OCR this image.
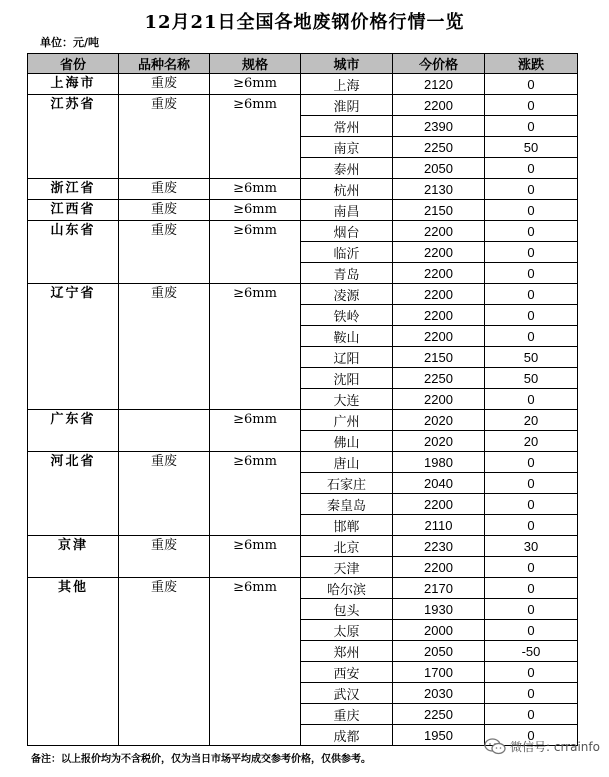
12月21日全国各地废钢价格行情一览
单位：元/吨
省份	品种名称	规格	城市	今价格	涨跌
上海市	重废	≥6mm	上海	2120	0
江苏省	重废	≥6mm	淮阴	2200	0
			常州	2390	0
			南京	2250	50
			泰州	2050	0
浙江省	重废	≥6mm	杭州	2130	0
江西省	重废	≥6mm	南昌	2150	0
山东省	重废	≥6mm	烟台	2200	0
			临沂	2200	0
			青岛	2200	0
辽宁省	重废	≥6mm	凌源	2200	0
			铁岭	2200	0
			鞍山	2200	0
			辽阳	2150	50
			沈阳	2250	50
			大连	2200	0
广东省		≥6mm	广州	2020	20
			佛山	2020	20
河北省	重废	≥6mm	唐山	1980	0
			石家庄	2040	0
			秦皇岛	2200	0
			邯郸	2110	0
京津	重废	≥6mm	北京	2230	30
			天津	2200	0
其他	重废	≥6mm	哈尔滨	2170	0
			包头	1930	0
			太原	2000	0
			郑州	2050	-50
			西安	1700	0
			武汉	2030	0
			重庆	2250	0
			成都	1950	0
备注：以上报价均为不含税价，仅为当日市场平均成交参考价格，仅供参考。
微信号: crrainfo
